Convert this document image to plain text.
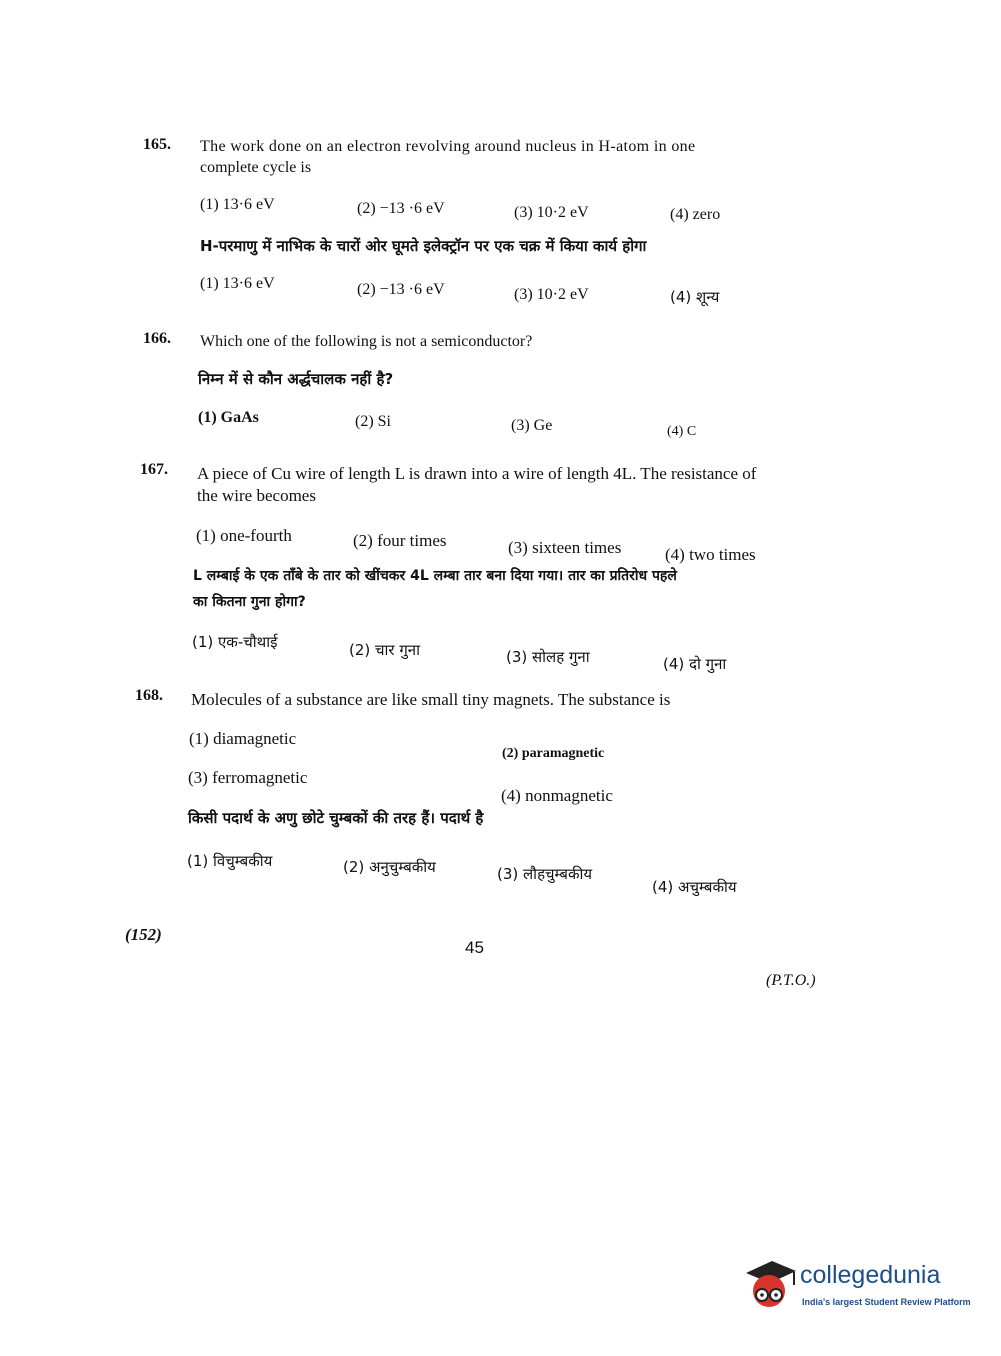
165. The work done on an electron revolving around nucleus in H-atom in one
complete cycle is
(1) 13·6 eV	(2) −13 ·6 eV	(3) 10·2 eV	(4) zero
H-परमाणु में नाभिक के चारों ओर घूमते इलेक्ट्रॉन पर एक चक्र में किया कार्य होगा
(1) 13·6 eV	(2) −13 ·6 eV	(3) 10·2 eV	(4) शून्य
166. Which one of the following is not a semiconductor?
निम्न में से कौन अर्द्धचालक नहीं है?
(1) GaAs	(2) Si	(3) Ge	(4) C
167. A piece of Cu wire of length L is drawn into a wire of length 4L. The resistance of
the wire becomes
(1) one-fourth	(2) four times	(3) sixteen times	(4) two times
L लम्बाई के एक ताँबे के तार को खींचकर 4L लम्बा तार बना दिया गया। तार का प्रतिरोध पहले
का कितना गुना होगा?
(1) एक-चौथाई	(2) चार गुना	(3) सोलह गुना	(4) दो गुना
168. Molecules of a substance are like small tiny magnets. The substance is
(1) diamagnetic
(2) paramagnetic
(3) ferromagnetic
(4) nonmagnetic
किसी पदार्थ के अणु छोटे चुम्बकों की तरह हैं। पदार्थ है
(1) विचुम्बकीय	(2) अनुचुम्बकीय	(3) लौहचुम्बकीय
(4) अचुम्बकीय
(152)
45
(P.T.O.)
collegedunia
India's largest Student Review Platform
